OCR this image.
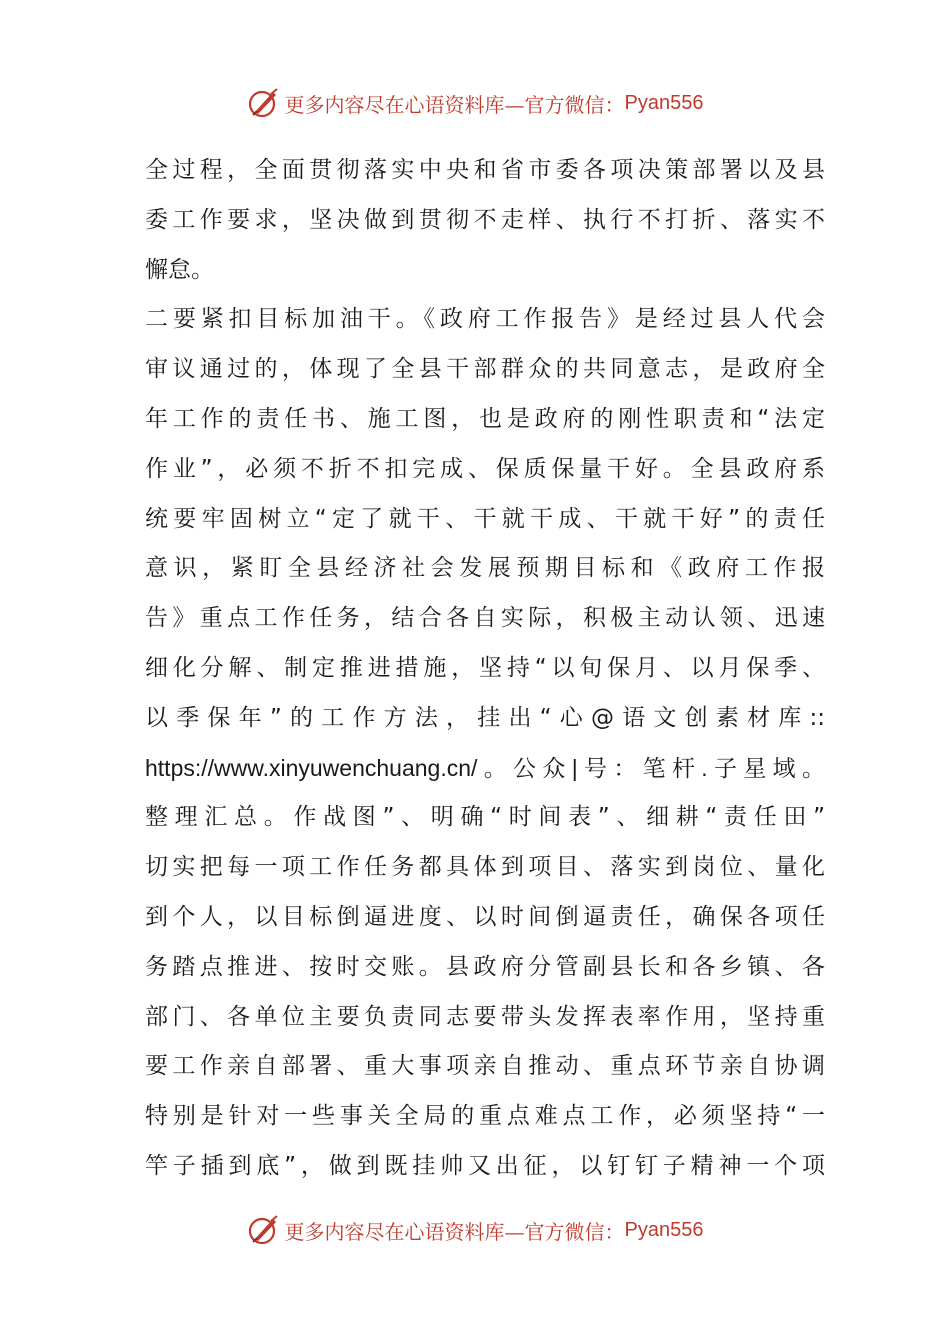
更多内容尽在心语资料库—官方微信： Pyan556
全过程，全面贯彻落实中央和省市委各项决策部署以及县
委工作要求，坚决做到贯彻不走样、执行不打折、落实不
懈怠。
二要紧扣目标加油干。《政府工作报告》是经过县人代会
审议通过的，体现了全县干部群众的共同意志，是政府全
年工作的责任书、施工图，也是政府的刚性职责和“法定
作业”，必须不折不扣完成、保质保量干好。全县政府系
统要牢固树立“定了就干、干就干成、干就干好”的责任
意识，紧盯全县经济社会发展预期目标和《政府工作报
告》重点工作任务，结合各自实际，积极主动认领、迅速
细化分解、制定推进措施，坚持“以旬保月、以月保季、
以季保年”的工作方法，挂出“心@语文创素材库::
https://www.xinyuwenchuang.cn/。公众|号：笔杆.子星域。
整理汇总。作战图”、明确“时间表”、细耕“责任田”
切实把每一项工作任务都具体到项目、落实到岗位、量化
到个人，以目标倒逼进度、以时间倒逼责任，确保各项任
务踏点推进、按时交账。县政府分管副县长和各乡镇、各
部门、各单位主要负责同志要带头发挥表率作用，坚持重
要工作亲自部署、重大事项亲自推动、重点环节亲自协调
特别是针对一些事关全局的重点难点工作，必须坚持“一
竿子插到底”，做到既挂帅又出征，以钉钉子精神一个项
更多内容尽在心语资料库—官方微信： Pyan556
